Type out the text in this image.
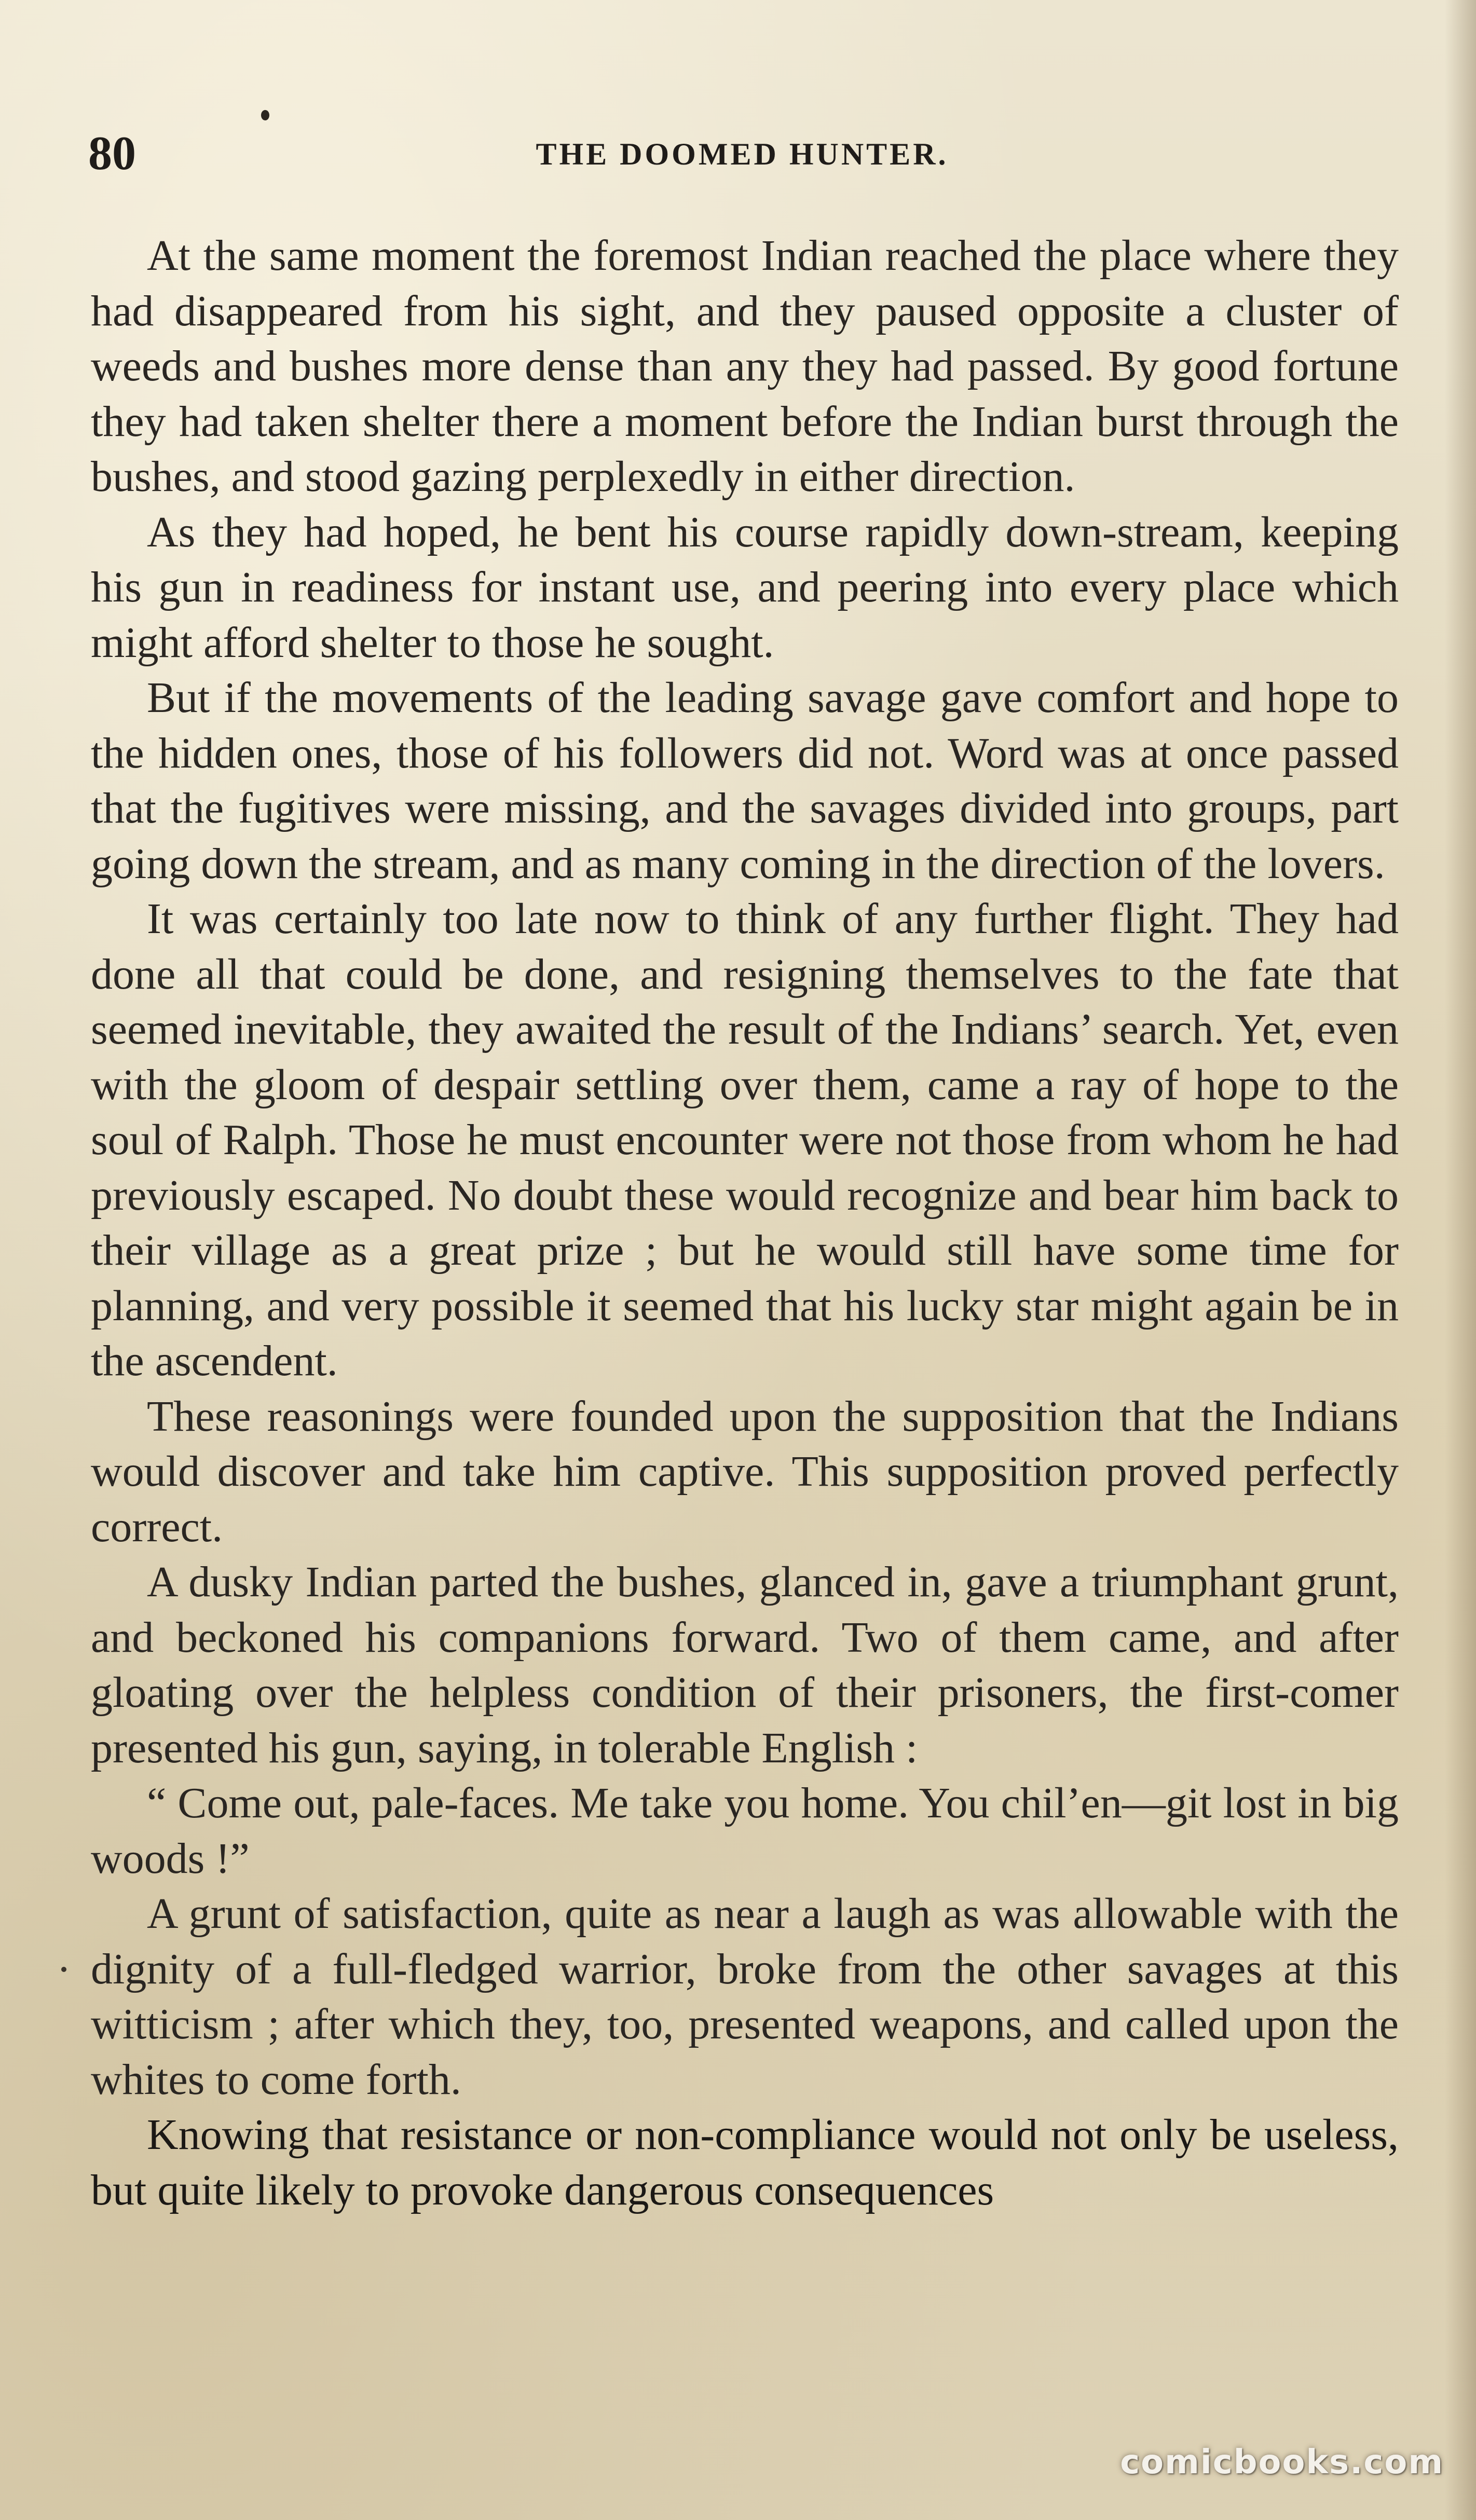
80	THE DOOMED HUNTER.

At the same moment the foremost Indian reached the place where they had disappeared from his sight, and they paused opposite a cluster of weeds and bushes more dense than any they had passed. By good fortune they had taken shelter there a moment before the Indian burst through the bushes, and stood gazing perplexedly in either direction.

As they had hoped, he bent his course rapidly down-stream, keeping his gun in readiness for instant use, and peering into every place which might afford shelter to those he sought.

But if the movements of the leading savage gave comfort and hope to the hidden ones, those of his followers did not. Word was at once passed that the fugitives were missing, and the savages divided into groups, part going down the stream, and as many coming in the direction of the lovers.

It was certainly too late now to think of any further flight. They had done all that could be done, and resigning themselves to the fate that seemed inevitable, they awaited the result of the Indians’ search. Yet, even with the gloom of despair settling over them, came a ray of hope to the soul of Ralph. Those he must encounter were not those from whom he had previously escaped. No doubt these would recognize and bear him back to their village as a great prize ; but he would still have some time for planning, and very possible it seemed that his lucky star might again be in the ascendent.

These reasonings were founded upon the supposition that the Indians would discover and take him captive. This supposition proved perfectly correct.

A dusky Indian parted the bushes, glanced in, gave a triumphant grunt, and beckoned his companions forward. Two of them came, and after gloating over the helpless condition of their prisoners, the first-comer presented his gun, saying, in tolerable English :

“ Come out, pale-faces. Me take you home. You chil’en—git lost in big woods !”

A grunt of satisfaction, quite as near a laugh as was allowable with the dignity of a full-fledged warrior, broke from the other savages at this witticism ; after which they, too, presented weapons, and called upon the whites to come forth.

Knowing that resistance or non-compliance would not only be useless, but quite likely to provoke dangerous consequences

comicbooks.com
